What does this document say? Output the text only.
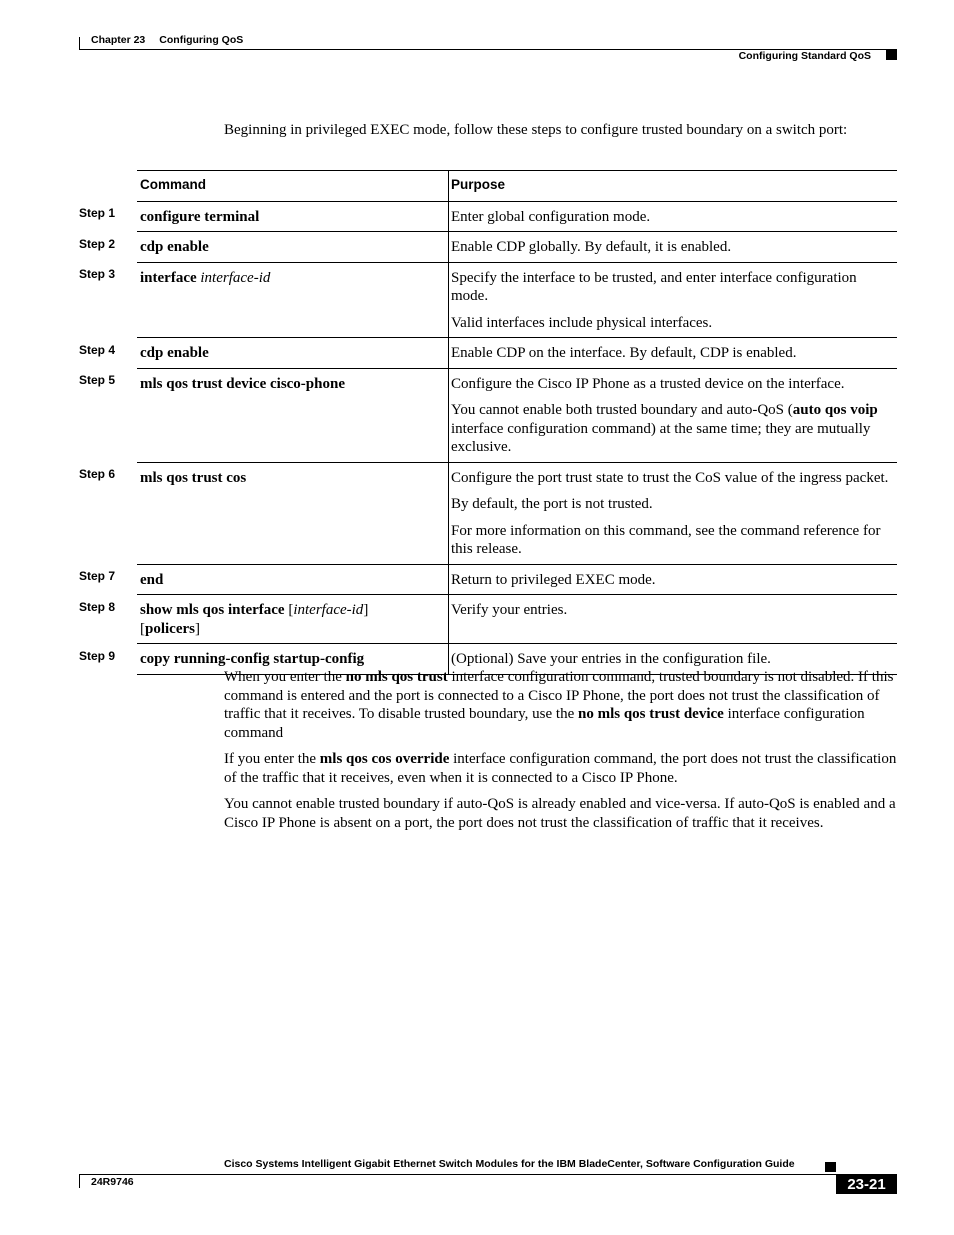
Chapter 23 Configuring QoS
Configuring Standard QoS
Beginning in privileged EXEC mode, follow these steps to configure trusted boundary on a switch port:
	Command	Purpose
Step 1	configure terminal	Enter global configuration mode.

Step 2	cdp enable	Enable CDP globally. By default, it is enabled.

Step 3	interface interface-id	Specify the interface to be trusted, and enter interface configuration mode.
Valid interfaces include physical interfaces.

Step 4	cdp enable	Enable CDP on the interface. By default, CDP is enabled.

Step 5	mls qos trust device cisco-phone	Configure the Cisco IP Phone as a trusted device on the interface.
You cannot enable both trusted boundary and auto-QoS (auto qos voip interface configuration command) at the same time; they are mutually exclusive.

Step 6	mls qos trust cos	Configure the port trust state to trust the CoS value of the ingress packet.
By default, the port is not trusted.
For more information on this command, see the command reference for this release.

Step 7	end	Return to privileged EXEC mode.

Step 8	show mls qos interface [interface-id]
[policers]	Verify your entries.

Step 9	copy running-config startup-config	(Optional) Save your entries in the configuration file.

When you enter the no mls qos trust interface configuration command, trusted boundary is not disabled. If this command is entered and the port is connected to a Cisco IP Phone, the port does not trust the classification of traffic that it receives. To disable trusted boundary, use the no mls qos trust device interface configuration command

If you enter the mls qos cos override interface configuration command, the port does not trust the classification of the traffic that it receives, even when it is connected to a Cisco IP Phone.

You cannot enable trusted boundary if auto-QoS is already enabled and vice-versa. If auto-QoS is enabled and a Cisco IP Phone is absent on a port, the port does not trust the classification of traffic that it receives.

Cisco Systems Intelligent Gigabit Ethernet Switch Modules for the IBM BladeCenter, Software Configuration Guide
24R9746	23-21
